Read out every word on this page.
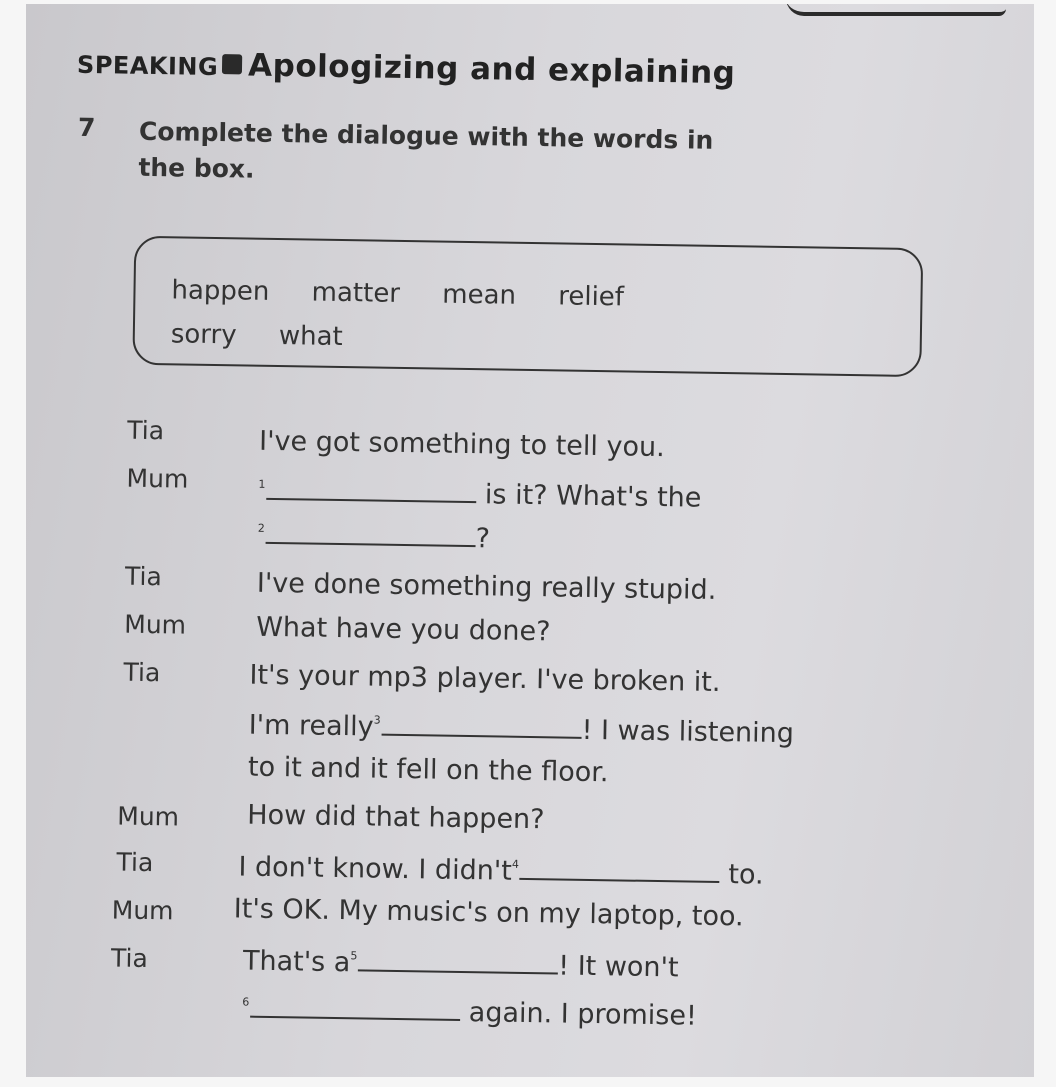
SPEAKING Apologizing and explaining
7 Complete the dialogue with the words in
the box.
happen matter mean relief
sorry what
Tia	I've got something to tell you.
Mum	$^1$	is it? What's the
$^2$	?
Tia	I've done something really stupid.
Mum	What have you done?
Tia	It's your mp3 player. I've broken it.
I'm really$^3$	! I was listening
to it and it fell on the floor.
Mum	How did that happen?
Tia	I don't know. I $didn't^4$	to.
Mum It's OK. My music's on my laptop, too.
Tia	That's $a^5$	! It won't
$^6$	again. I promise!
